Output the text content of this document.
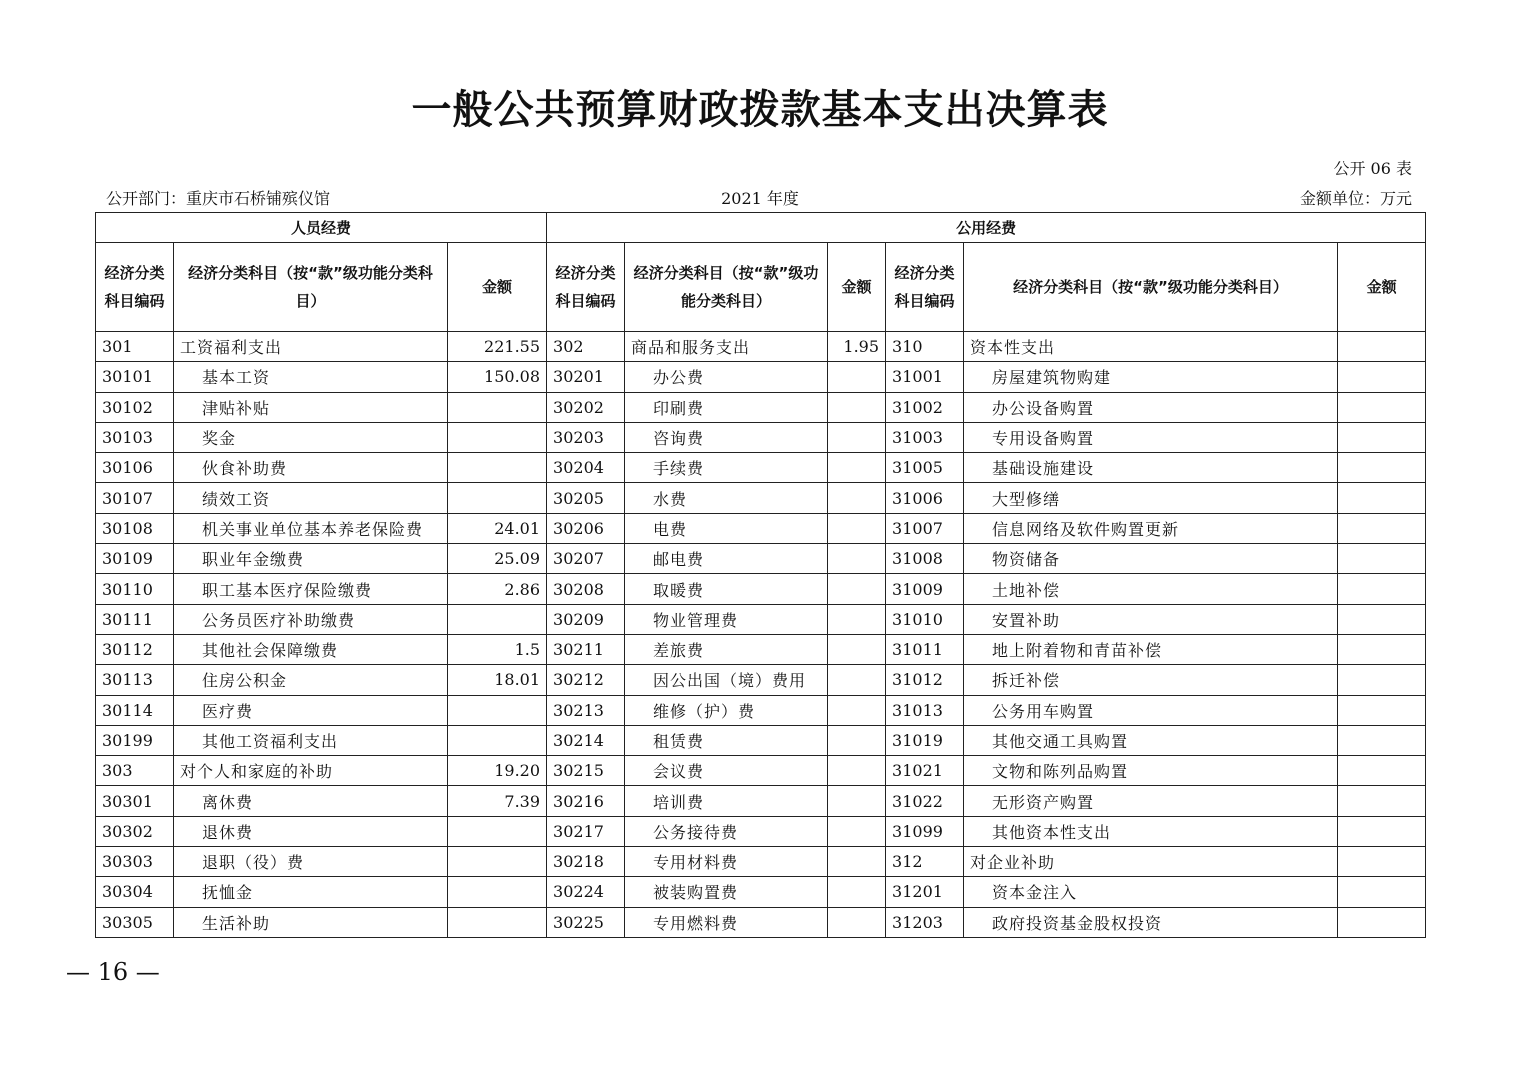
一般公共预算财政拨款基本支出决算表
公开 06 表
公开部门：重庆市石桥铺殡仪馆	2021 年度	金额单位：万元
人员经费			公用经费					
经济分类科目编码	经济分类科目（按“款”级功能分类科目）	金额	经济分类科目编码	经济分类科目（按“款”级功能分类科目）	金额	经济分类科目编码	经济分类科目（按“款”级功能分类科目）	金额
301	工资福利支出	221.55	302	商品和服务支出	1.95	310	资本性支出	
30101	基本工资	150.08	30201	办公费		31001	房屋建筑物购建	
30102	津贴补贴		30202	印刷费		31002	办公设备购置	
30103	奖金		30203	咨询费		31003	专用设备购置	
30106	伙食补助费		30204	手续费		31005	基础设施建设	
30107	绩效工资		30205	水费		31006	大型修缮	
30108	机关事业单位基本养老保险费	24.01	30206	电费		31007	信息网络及软件购置更新	
30109	职业年金缴费	25.09	30207	邮电费		31008	物资储备	
30110	职工基本医疗保险缴费	2.86	30208	取暖费		31009	土地补偿	
30111	公务员医疗补助缴费		30209	物业管理费		31010	安置补助	
30112	其他社会保障缴费	1.5	30211	差旅费		31011	地上附着物和青苗补偿	
30113	住房公积金	18.01	30212	因公出国（境）费用		31012	拆迁补偿	
30114	医疗费		30213	维修（护）费		31013	公务用车购置	
30199	其他工资福利支出		30214	租赁费		31019	其他交通工具购置	
303	对个人和家庭的补助	19.20	30215	会议费		31021	文物和陈列品购置	
30301	离休费	7.39	30216	培训费		31022	无形资产购置	
30302	退休费		30217	公务接待费		31099	其他资本性支出	
30303	退职（役）费		30218	专用材料费		312	对企业补助	
30304	抚恤金		30224	被装购置费		31201	资本金注入	
30305	生活补助		30225	专用燃料费		31203	政府投资基金股权投资	
— 16 —
